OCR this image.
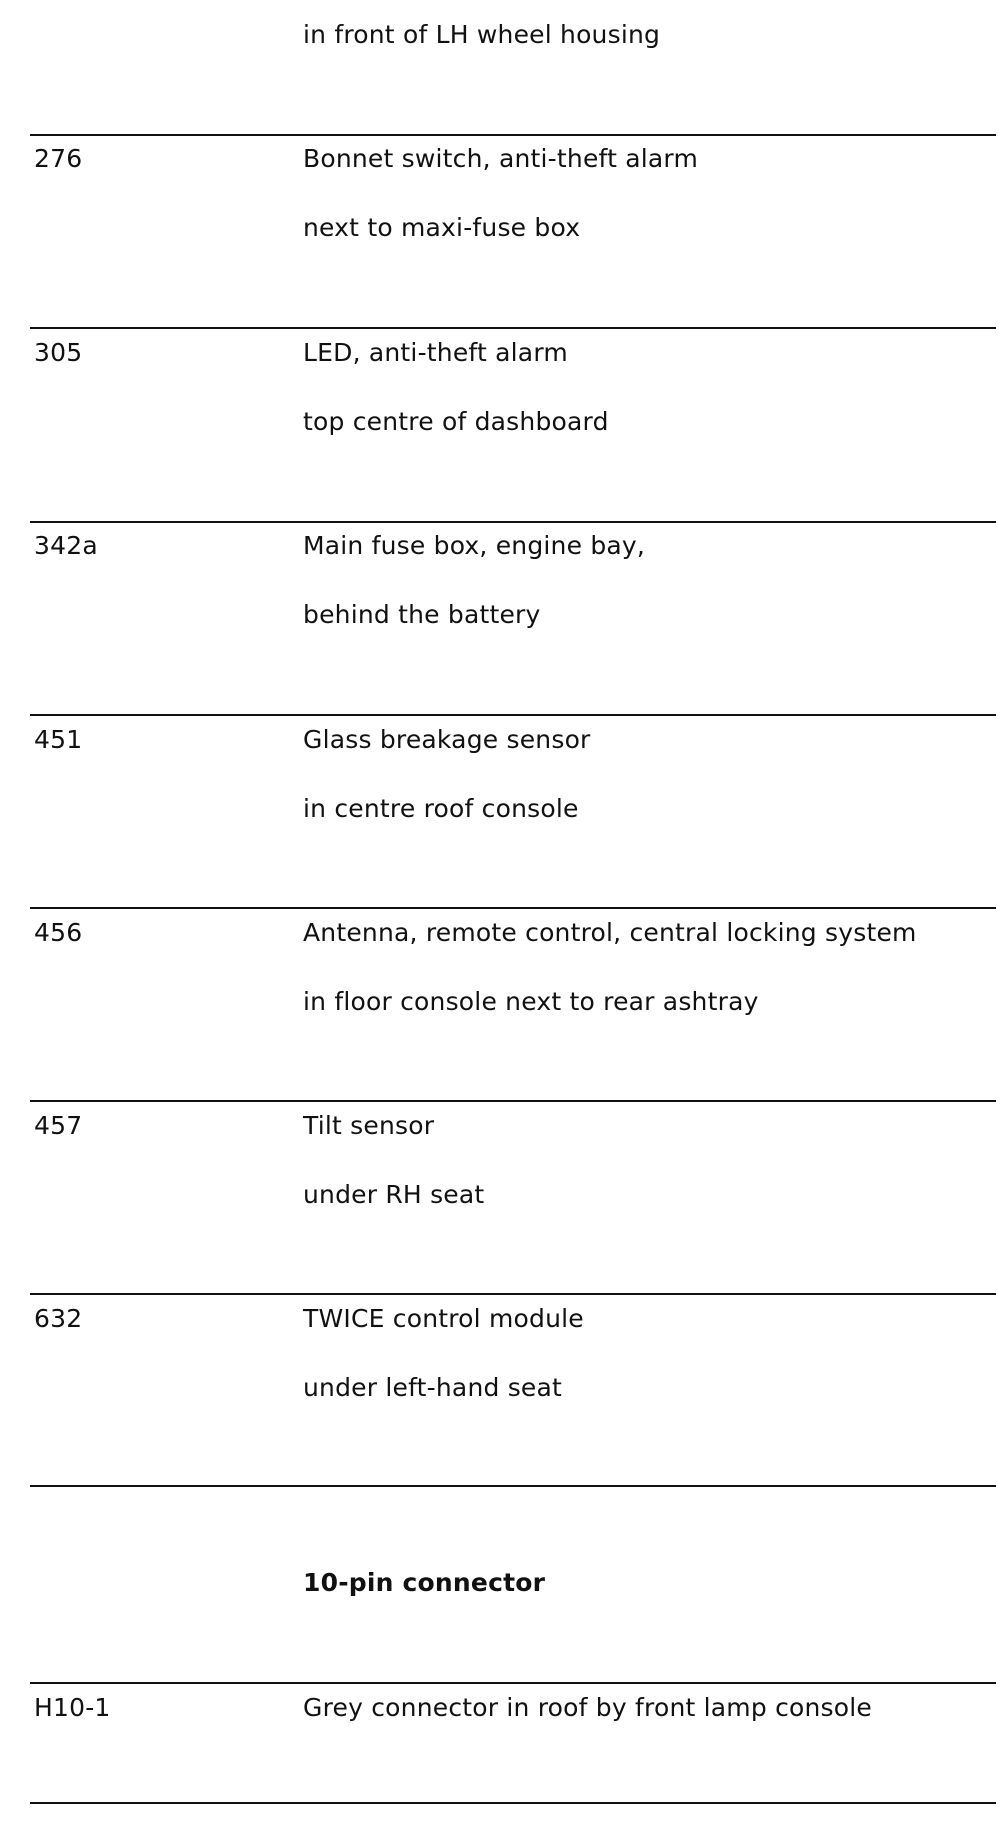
in front of LH wheel housing
276	Bonnet switch, anti-theft alarm
next to maxi-fuse box
305	LED, anti-theft alarm
top centre of dashboard
342a	Main fuse box, engine bay,
behind the battery
451	Glass breakage sensor
in centre roof console
456	Antenna, remote control, central locking system
in floor console next to rear ashtray
457	Tilt sensor
under RH seat
632	TWICE control module
under left-hand seat
10-pin connector
H10-1	Grey connector in roof by front lamp console
